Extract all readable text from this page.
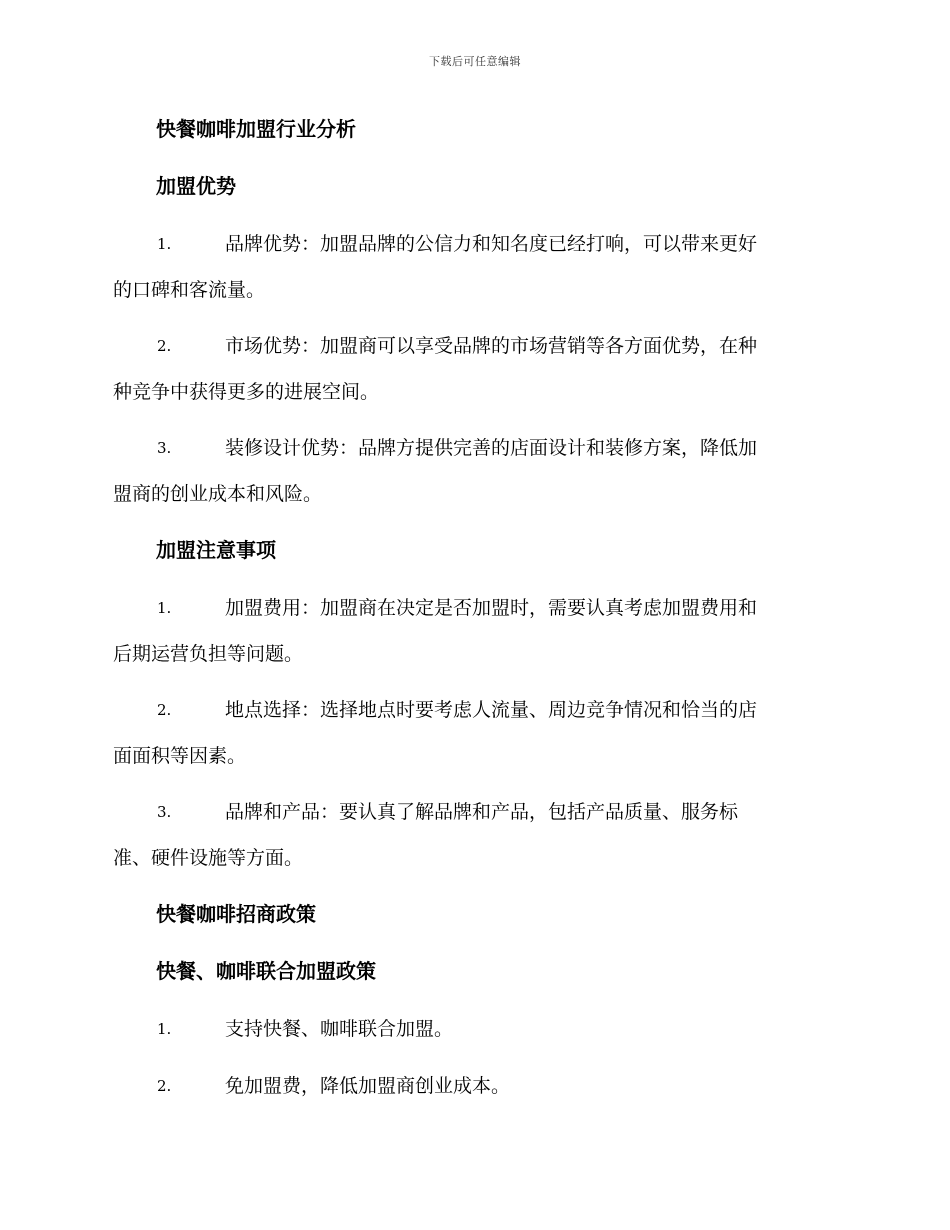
下载后可任意编辑
快餐咖啡加盟行业分析
加盟优势
1.	品牌优势：加盟品牌的公信力和知名度已经打响，可以带来更好
的口碑和客流量。
2.	市场优势：加盟商可以享受品牌的市场营销等各方面优势，在种
种竞争中获得更多的进展空间。
3.	装修设计优势：品牌方提供完善的店面设计和装修方案，降低加
盟商的创业成本和风险。
加盟注意事项
1.	加盟费用：加盟商在决定是否加盟时，需要认真考虑加盟费用和
后期运营负担等问题。
2.	地点选择：选择地点时要考虑人流量、周边竞争情况和恰当的店
面面积等因素。
3.	品牌和产品：要认真了解品牌和产品，包括产品质量、服务标
准、硬件设施等方面。
快餐咖啡招商政策
快餐、咖啡联合加盟政策
1.	支持快餐、咖啡联合加盟。
2.	免加盟费，降低加盟商创业成本。
